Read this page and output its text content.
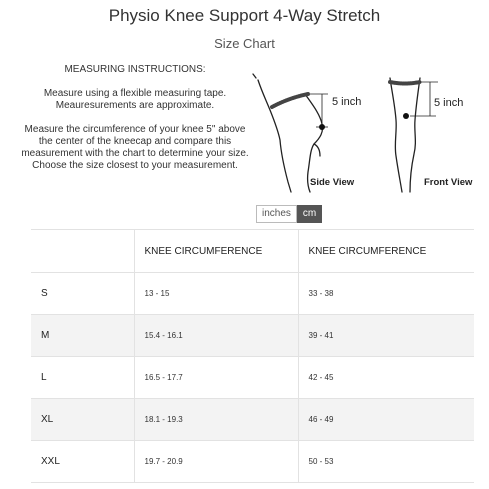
Physio Knee Support 4-Way Stretch
Size Chart
MEASURING INSTRUCTIONS:
Measure using a flexible measuring tape. Meauresurements are approximate.
Measure the circumference of your knee 5" above the center of the kneecap and compare this measurement with the chart to determine your size. Choose the size closest to your measurement.
5 inch
Side View
5 inch
Front View
inches	cm
	KNEE CIRCUMFERENCE	KNEE CIRCUMFERENCE
S	13 - 15	33 - 38
M	15.4 - 16.1	39 - 41
L	16.5 - 17.7	42 - 45
XL	18.1 - 19.3	46 - 49
XXL	19.7 - 20.9	50 - 53
